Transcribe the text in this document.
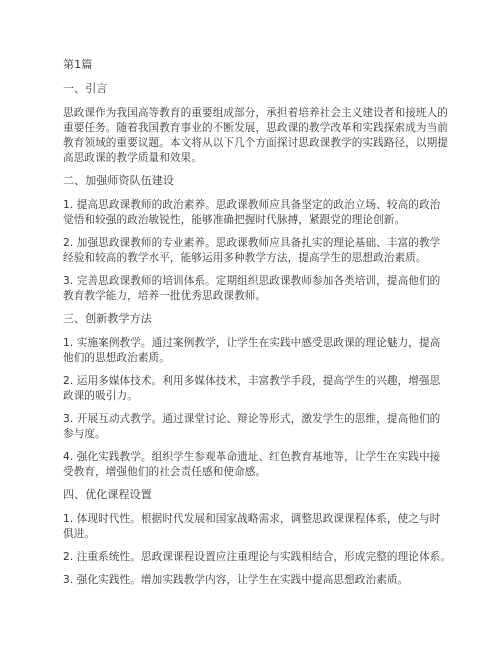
第1篇
一、引言
思政课作为我国高等教育的重要组成部分，承担着培养社会主义建设者和接班人的
重要任务。随着我国教育事业的不断发展，思政课的教学改革和实践探索成为当前
教育领域的重要议题。本文将从以下几个方面探讨思政课教学的实践路径，以期提
高思政课的教学质量和效果。
二、加强师资队伍建设
1. 提高思政课教师的政治素养。思政课教师应具备坚定的政治立场、较高的政治
觉悟和较强的政治敏锐性，能够准确把握时代脉搏，紧跟党的理论创新。
2. 加强思政课教师的专业素养。思政课教师应具备扎实的理论基础、丰富的教学
经验和较高的教学水平，能够运用多种教学方法，提高学生的思想政治素质。
3. 完善思政课教师的培训体系。定期组织思政课教师参加各类培训，提高他们的
教育教学能力，培养一批优秀思政课教师。
三、创新教学方法
1. 实施案例教学。通过案例教学，让学生在实践中感受思政课的理论魅力，提高
他们的思想政治素质。
2. 运用多媒体技术。利用多媒体技术，丰富教学手段，提高学生的兴趣，增强思
政课的吸引力。
3. 开展互动式教学。通过课堂讨论、辩论等形式，激发学生的思维，提高他们的
参与度。
4. 强化实践教学。组织学生参观革命遗址、红色教育基地等，让学生在实践中接
受教育，增强他们的社会责任感和使命感。
四、优化课程设置
1. 体现时代性。根据时代发展和国家战略需求，调整思政课课程体系，使之与时
俱进。
2. 注重系统性。思政课课程设置应注重理论与实践相结合，形成完整的理论体系。
3. 强化实践性。增加实践教学内容，让学生在实践中提高思想政治素质。
